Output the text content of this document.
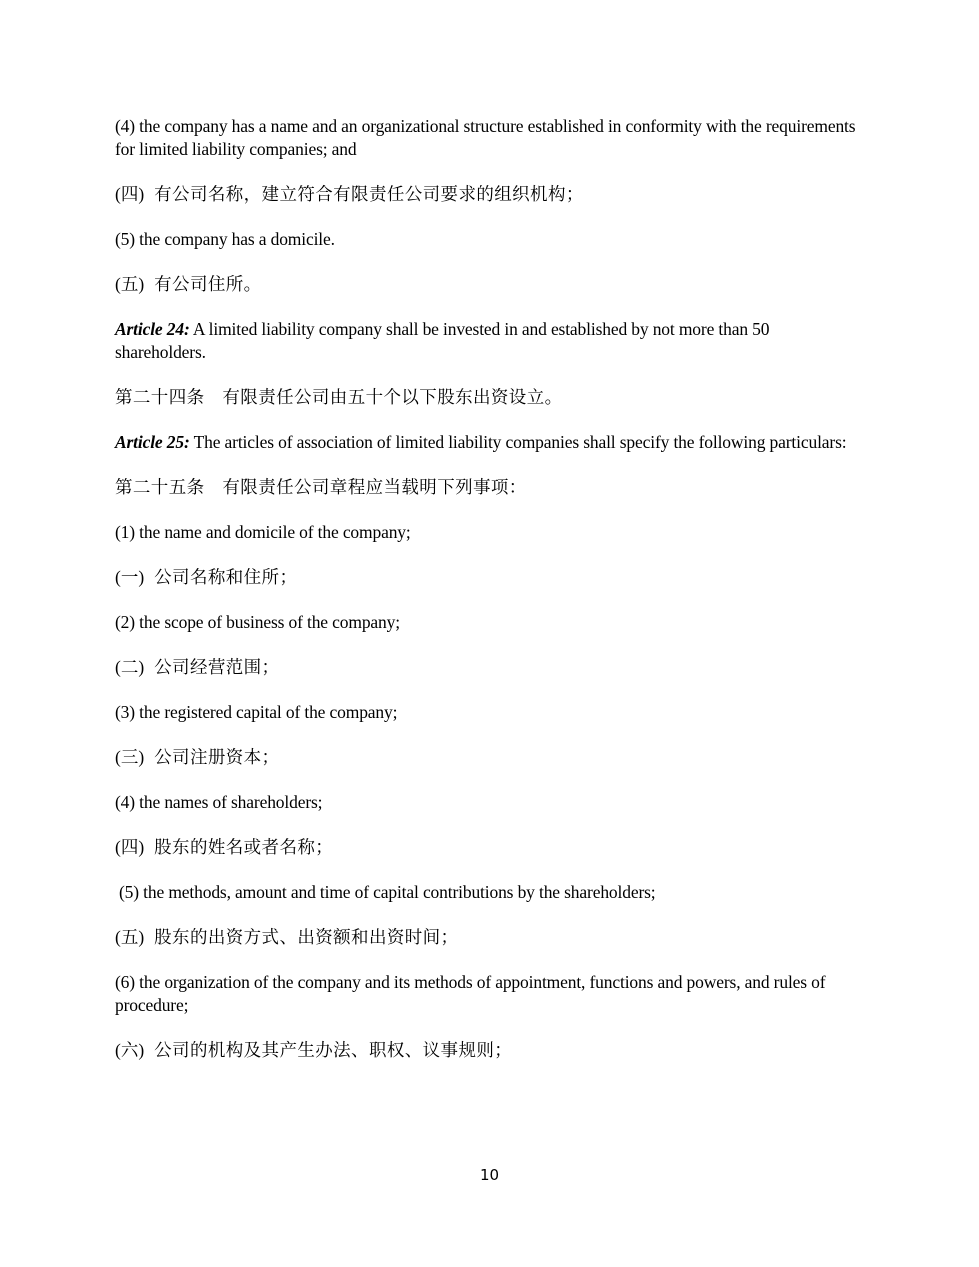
(4) the company has a name and an organizational structure established in conformity with the requirements for limited liability companies; and

(四) 有公司名称，建立符合有限责任公司要求的组织机构；

(5) the company has a domicile.

(五) 有公司住所。

Article 24: A limited liability company shall be invested in and established by not more than 50 shareholders.

第二十四条　有限责任公司由五十个以下股东出资设立。

Article 25: The articles of association of limited liability companies shall specify the following particulars:

第二十五条　有限责任公司章程应当载明下列事项：

(1) the name and domicile of the company;

(一) 公司名称和住所；

(2) the scope of business of the company;

(二) 公司经营范围；

(3) the registered capital of the company;

(三) 公司注册资本；

(4) the names of shareholders;

(四) 股东的姓名或者名称；

(5) the methods, amount and time of capital contributions by the shareholders;

(五) 股东的出资方式、出资额和出资时间；

(6) the organization of the company and its methods of appointment, functions and powers, and rules of procedure;

(六) 公司的机构及其产生办法、职权、议事规则；

10
